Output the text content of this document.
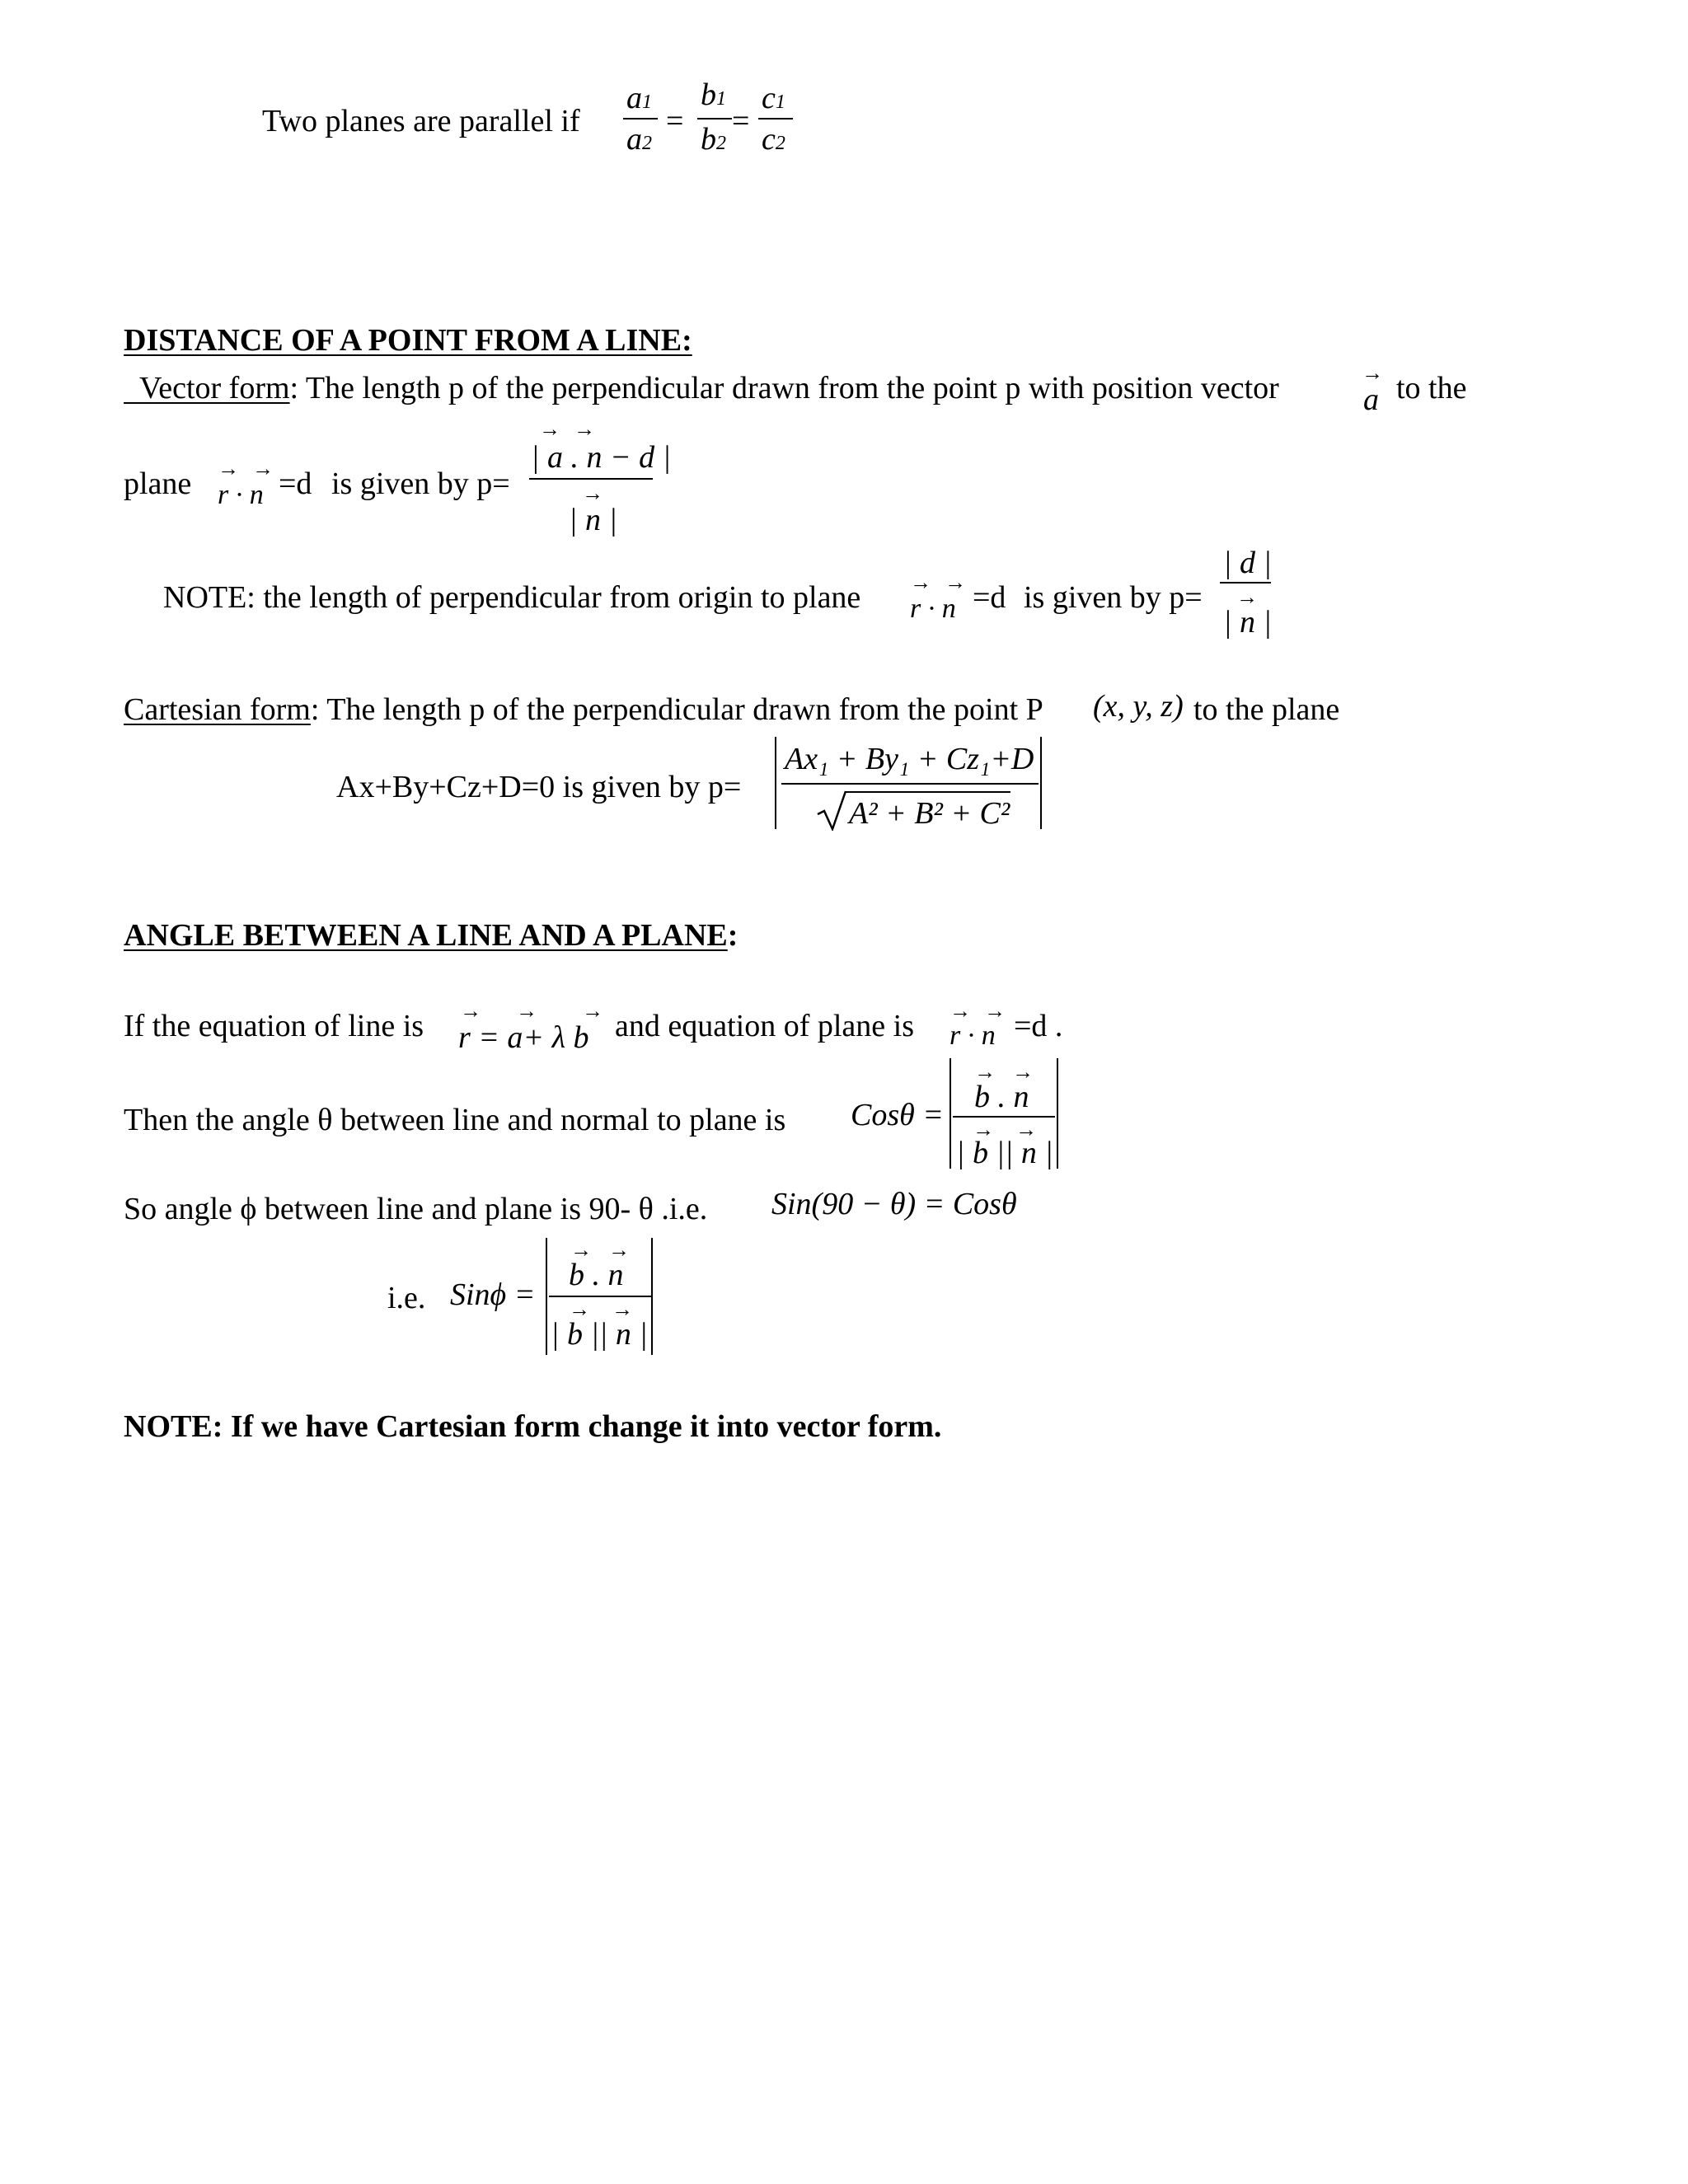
Two planes are parallel if
a1
a2
=
b1
b2
=
c1
c2
DISTANCE OF A POINT FROM A LINE:
Vector form: The length p of the perpendicular drawn from the point p with position vector	→
a to the
plane → →
r · n =d is given by p=
→ →
| a . n − d |
→
| n |
NOTE: the length of perpendicular from origin to plane → →
r · n =d is given by p=
| d |
→
| n |
Cartesian form: The length p of the perpendicular drawn from the point P (x, y, z) to the plane
Ax+By+Cz+D=0 is given by p=
Ax₁ + By₁ + Cz₁+D
A² + B² + C²
ANGLE BETWEEN A LINE AND A PLANE:
If the equation of line is → → →
r = a+ λ b and equation of plane is → →
r · n =d .
Then the angle θ between line and normal to plane is Cosθ =
→ →
b . n
→ →
| b || n |
So angle ϕ between line and plane is 90- θ .i.e. Sin(90 − θ) = Cosθ
i.e. Sinϕ =
→ →
b . n
→ →
| b || n |
NOTE: If we have Cartesian form change it into vector form.
